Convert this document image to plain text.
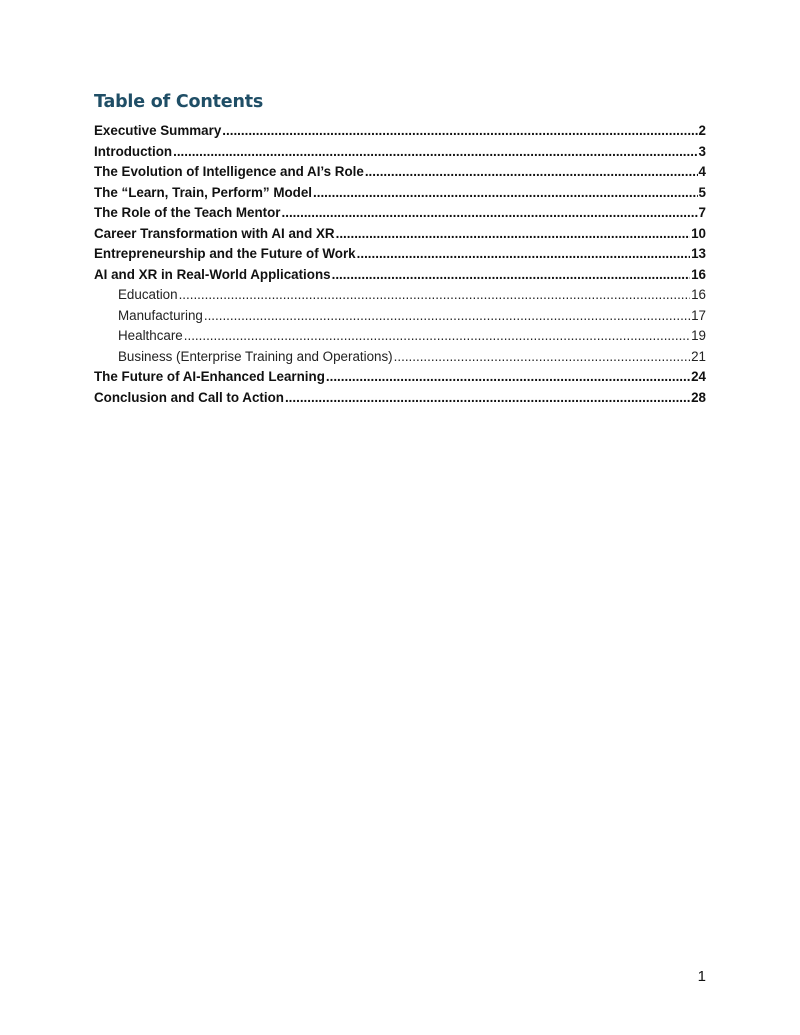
Table of Contents
Executive Summary .....	2
Introduction .....	3
The Evolution of Intelligence and AI’s Role .....	4
The “Learn, Train, Perform” Model .....	5
The Role of the Teach Mentor .....	7
Career Transformation with AI and XR .....	10
Entrepreneurship and the Future of Work .....	13
AI and XR in Real-World Applications .....	16
Education .....	16
Manufacturing .....	17
Healthcare .....	19
Business (Enterprise Training and Operations) .....	21
The Future of AI-Enhanced Learning .....	24
Conclusion and Call to Action .....	28
1
